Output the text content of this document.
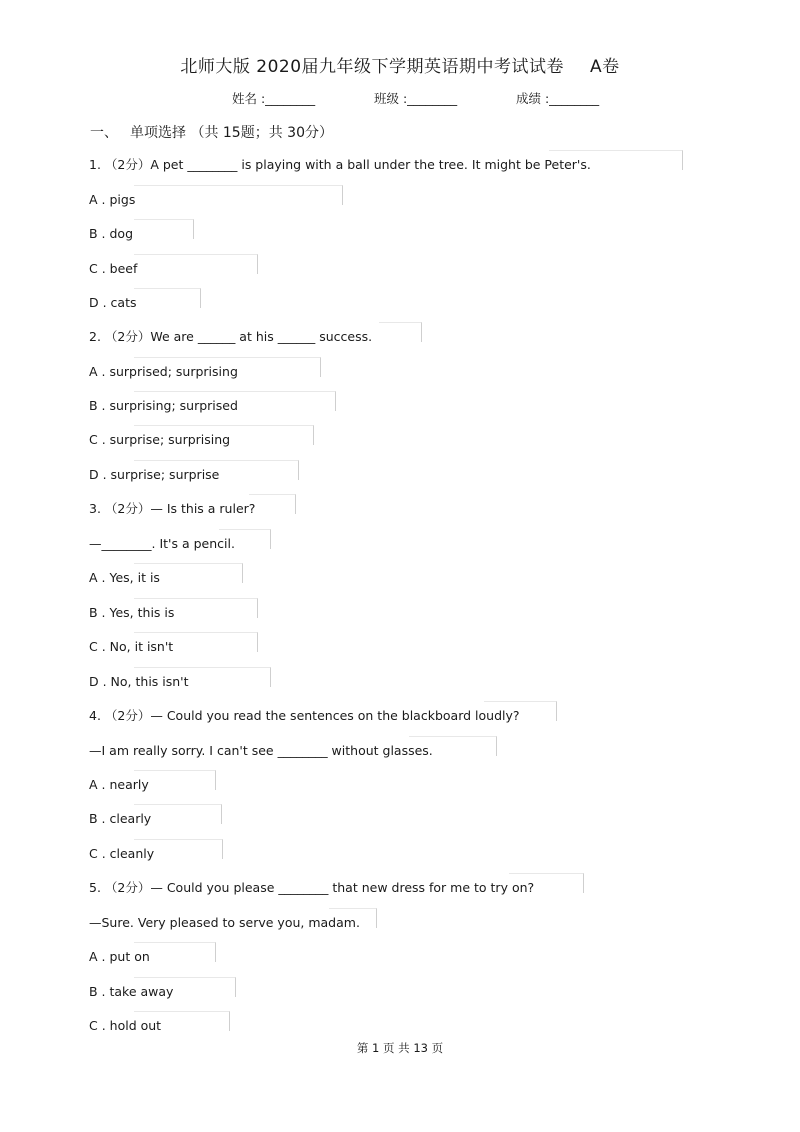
北师大版 2020届九年级下学期英语期中考试试卷 A卷
姓名 :________	班级 :________	成绩 :________
一、 单项选择 （共 15题；共 30分）
1. （2分）A pet ________ is playing with a ball under the tree. It might be Peter's.
A . pigs
B . dog
C . beef
D . cats
2. （2分）We are ______ at his ______ success.
A . surprised; surprising
B . surprising; surprised
C . surprise; surprising
D . surprise; surprise
3. （2分）— Is this a ruler?
—________. It's a pencil.
A . Yes, it is
B . Yes, this is
C . No, it isn't
D . No, this isn't
4. （2分）— Could you read the sentences on the blackboard loudly?
—I am really sorry. I can't see ________ without glasses.
A . nearly
B . clearly
C . cleanly
5. （2分）— Could you please ________ that new dress for me to try on?
—Sure. Very pleased to serve you, madam.
A . put on
B . take away
C . hold out
第 1 页 共 13 页
